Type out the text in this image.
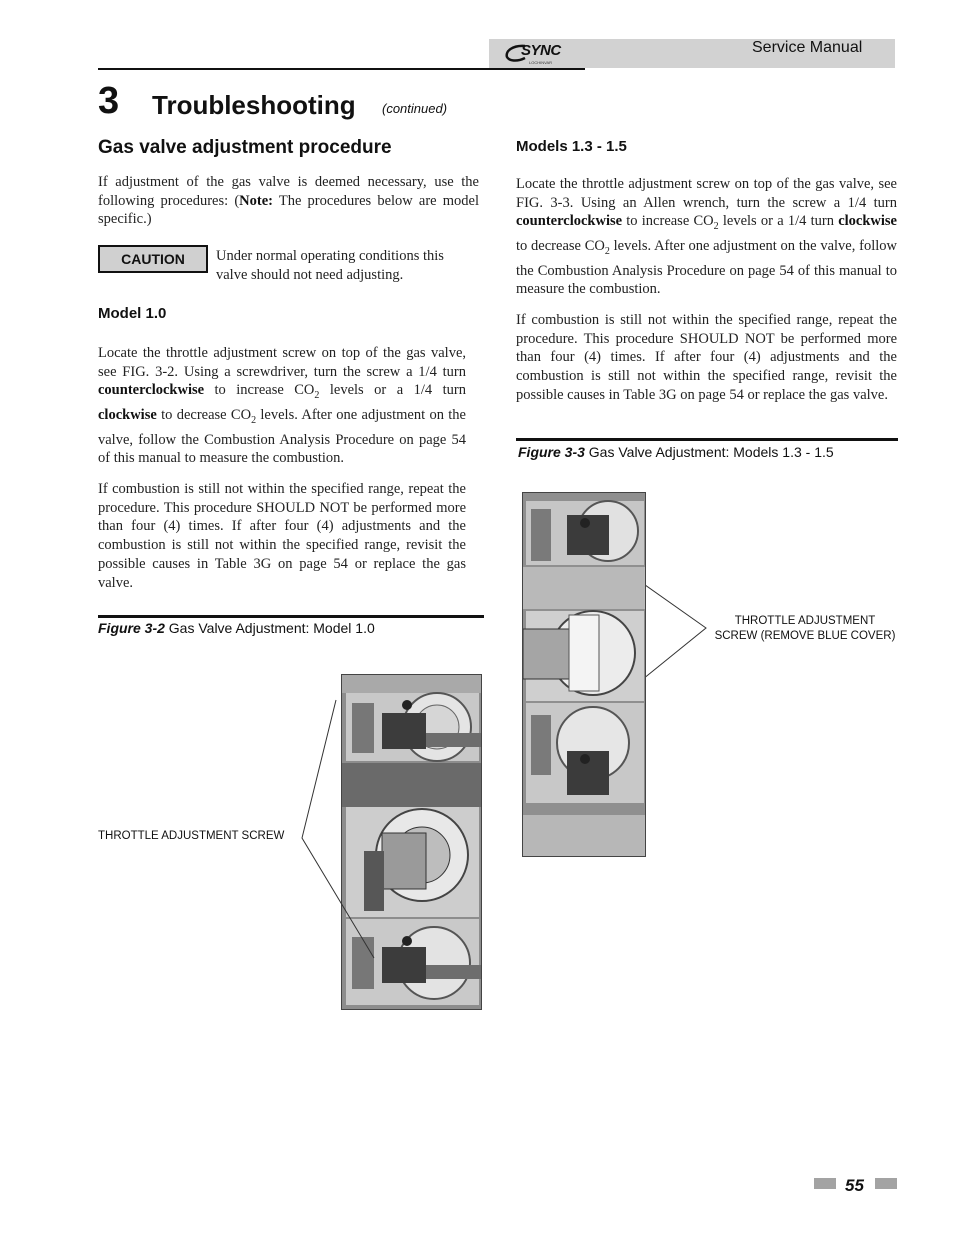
SYNC
LOCHINVAR
Service Manual
3 Troubleshooting (continued)
Gas valve adjustment procedure

If adjustment of the gas valve is deemed necessary, use the following procedures: (Note: The procedures below are model specific.)

CAUTION	Under normal operating conditions this valve should not need adjusting.
Model 1.0

Locate the throttle adjustment screw on top of the gas valve, see FIG. 3-2. Using a screwdriver, turn the screw a 1/4 turn counterclockwise to increase $CO_2$ levels or a 1/4 turn clockwise to decrease $CO_2$ levels. After one adjustment on the valve, follow the Combustion Analysis Procedure on page 54 of this manual to measure the combustion.

If combustion is still not within the specified range, repeat the procedure. This procedure SHOULD NOT be performed more than four (4) times. If after four (4) adjustments and the combustion is still not within the specified range, revisit the possible causes in Table 3G on page 54 or replace the gas valve.

Figure 3-2 Gas Valve Adjustment: Model 1.0
THROTTLE ADJUSTMENT SCREW
Models 1.3 - 1.5

Locate the throttle adjustment screw on top of the gas valve, see FIG. 3-3. Using an Allen wrench, turn the screw a 1/4 turn counterclockwise to increase $CO_2$ levels or a 1/4 turn clockwise to decrease $CO_2$ levels. After one adjustment on the valve, follow the Combustion Analysis Procedure on page 54 of this manual to measure the combustion.

If combustion is still not within the specified range, repeat the procedure. This procedure SHOULD NOT be performed more than four (4) times. If after four (4) adjustments and the combustion is still not within the specified range, revisit the possible causes in Table 3G on page 54 or replace the gas valve.

Figure 3-3 Gas Valve Adjustment: Models 1.3 - 1.5
THROTTLE ADJUSTMENT
SCREW (REMOVE BLUE COVER)
55
